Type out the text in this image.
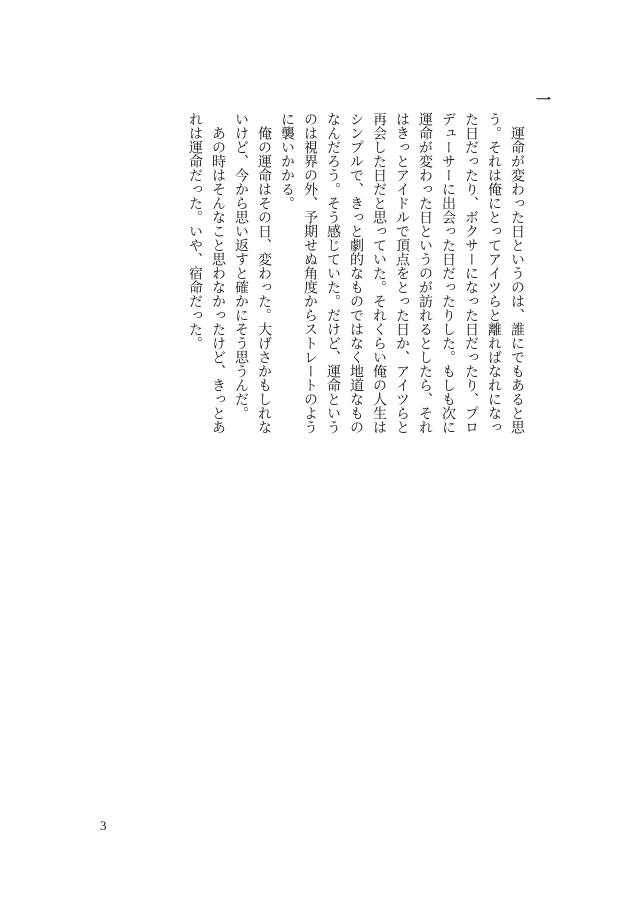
一

運命が変わった日というのは、誰にでもあると思う。それは俺にとってアイツらと離ればなれになった日だったり、ボクサーになった日だったり、プロデューサーに出会った日だったりした。もしも次に運命が変わった日というのが訪れるとしたら、それはきっとアイドルで頂点をとった日か、アイツらと再会した日だと思っていた。それくらい俺の人生はシンプルで、きっと劇的なものではなく地道なものなんだろう。そう感じていた。だけど、運命というのは視界の外、予期せぬ角度からストレートのように襲いかかる。

俺の運命はその日、変わった。大げさかもしれないけど、今から思い返すと確かにそう思うんだ。

あの時はそんなこと思わなかったけど、きっとあれは運命だった。いや、宿命だった。

3
